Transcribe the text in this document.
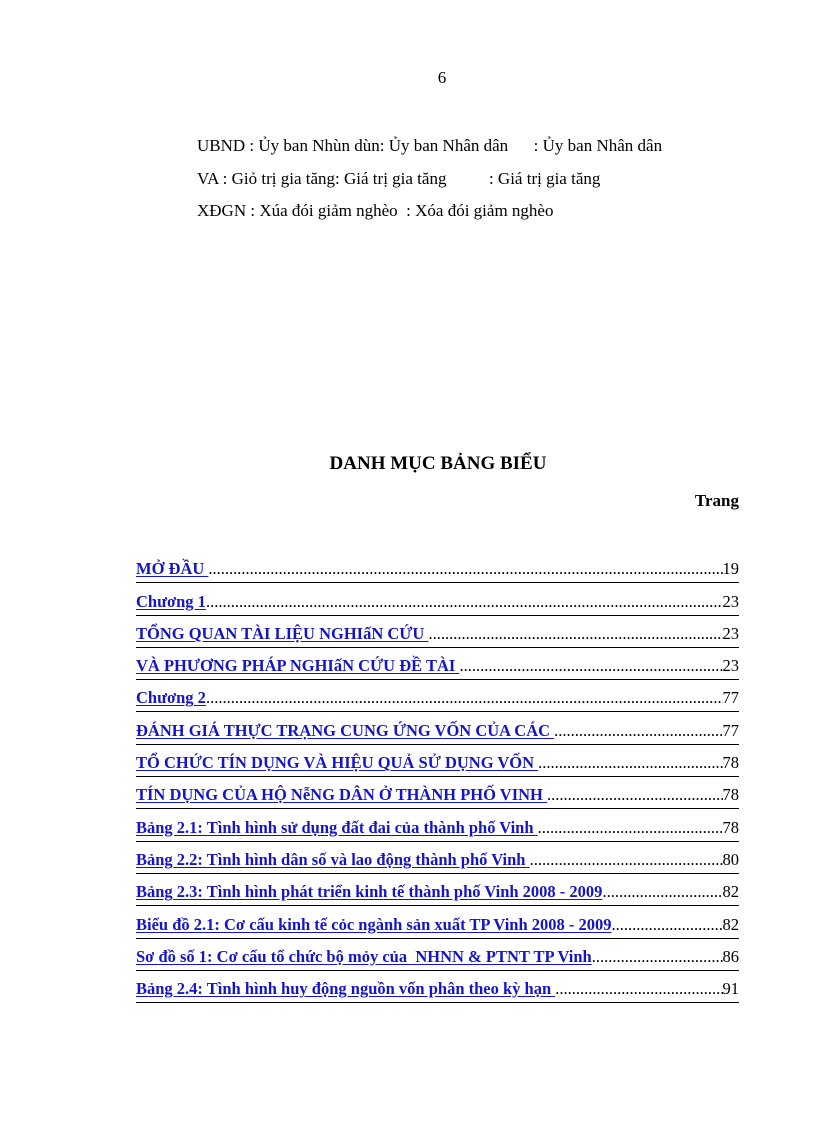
6
UBND : Ủy ban Nhùn dùn: Ủy ban Nhân dân      : Ủy ban Nhân dân
VA : Giỏ trị gia tăng: Giá trị gia tăng          : Giá trị gia tăng
XĐGN : Xúa đói giảm nghèo  : Xóa đói giảm nghèo
DANH MỤC BẢNG BIỂU
Trang
MỞ ĐẦU .....	19
Chương 1 .....	23
TỔNG QUAN TÀI LIỆU NGHIấN CỨU .....	23
VÀ PHƯƠNG PHÁP NGHIấN CỨU ĐỀ TÀI .....	23
Chương 2 .....	77
ĐÁNH GIÁ THỰC TRẠNG CUNG ỨNG VỐN CỦA CÁC .....	77
TỔ CHỨC TÍN DỤNG VÀ HIỆU QUẢ SỬ DỤNG VỐN .....	78
TÍN DỤNG CỦA HỘ NễNG DÂN Ở THÀNH PHỐ VINH .....	78
Bảng 2.1: Tình hình sử dụng đất đai của thành phố Vinh .....	78
Bảng 2.2: Tình hình dân số và lao động thành phố Vinh .....	80
Bảng 2.3: Tình hình phát triển kinh tế thành phố Vinh 2008 - 2009 .....	82
Biểu đồ 2.1: Cơ cấu kinh tế cỏc ngành sản xuất TP Vinh 2008 - 2009 .....	82
Sơ đồ số 1: Cơ cấu tổ chức bộ mỏy của  NHNN & PTNT TP Vinh .....	86
Bảng 2.4: Tình hình huy động nguồn vốn phân theo kỳ hạn .....	91
